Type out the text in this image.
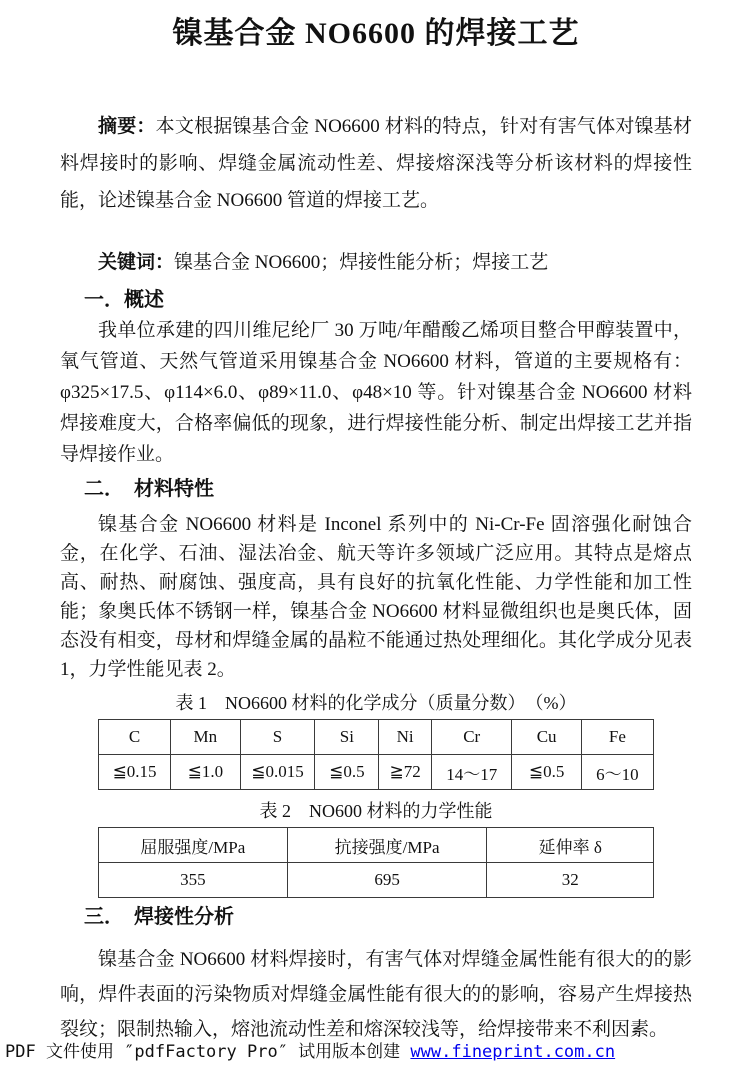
镍基合金 NO6600 的焊接工艺

摘要：本文根据镍基合金 NO6600 材料的特点，针对有害气体对镍基材料焊接时的影响、焊缝金属流动性差、焊接熔深浅等分析该材料的焊接性能，论述镍基合金 NO6600 管道的焊接工艺。

关键词：镍基合金 NO6600；焊接性能分析；焊接工艺

一．概述

我单位承建的四川维尼纶厂 30 万吨/年醋酸乙烯项目整合甲醇装置中，氧气管道、天然气管道采用镍基合金 NO6600 材料，管道的主要规格有：φ325×17.5、φ114×6.0、φ89×11.0、φ48×10 等。针对镍基合金 NO6600 材料焊接难度大，合格率偏低的现象，进行焊接性能分析、制定出焊接工艺并指导焊接作业。

二．　材料特性

镍基合金 NO6600 材料是 Inconel 系列中的 Ni-Cr-Fe 固溶强化耐蚀合金，在化学、石油、湿法冶金、航天等许多领域广泛应用。其特点是熔点高、耐热、耐腐蚀、强度高，具有良好的抗氧化性能、力学性能和加工性能；象奥氏体不锈钢一样，镍基合金 NO6600 材料显微组织也是奥氏体，固态没有相变，母材和焊缝金属的晶粒不能通过热处理细化。其化学成分见表 1，力学性能见表 2。

表 1　NO6600 材料的化学成分（质量分数）　（%）
C	Mn	S	Si	Ni	Cr	Cu	Fe
≦0.15	≦1.0	≦0.015	≦0.5	≧72	14～17	≦0.5	6～10
表 2　NO600 材料的力学性能
屈服强度/MPa	抗接强度/MPa	延伸率 δ
355	695	32
三．　焊接性分析

镍基合金 NO6600 材料焊接时，有害气体对焊缝金属性能有很大的的影响，焊件表面的污染物质对焊缝金属性能有很大的的影响，容易产生焊接热裂纹；限制热输入，熔池流动性差和熔深较浅等，给焊接带来不利因素。

PDF 文件使用 ″pdfFactory Pro″ 试用版本创建 www.fineprint.com.cn
